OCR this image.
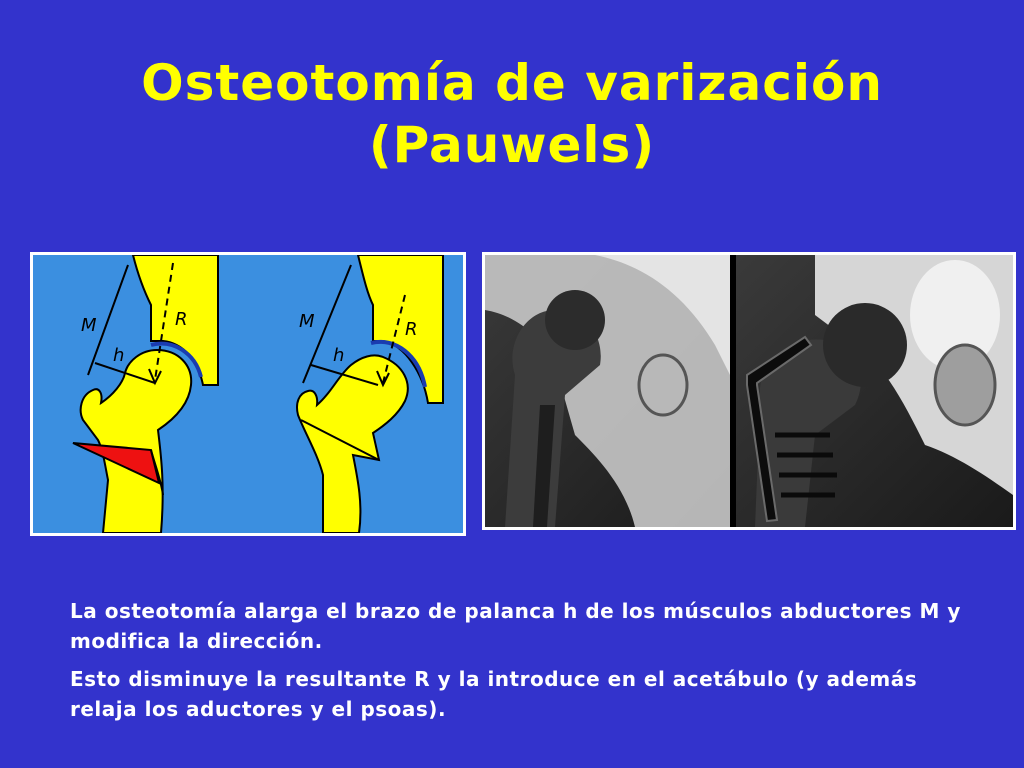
Osteotomía de varización
(Pauwels)
M
h
R	M
h
R

La osteotomía alarga el brazo de palanca h de los músculos abductores M y modifica la dirección.

Esto disminuye la resultante R y la introduce en el acetábulo (y además relaja los aductores y el psoas).
